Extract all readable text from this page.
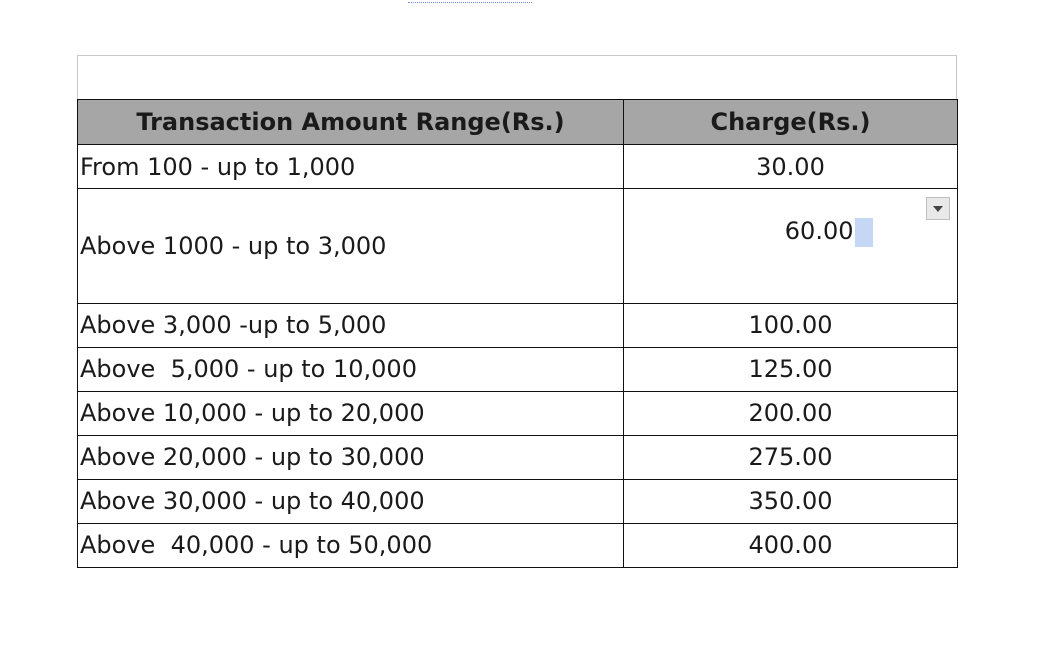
Transaction Amount Range(Rs.)	Charge(Rs.)
From 100 - up to 1,000	30.00
Above 1000 - up to 3,000	60.00

Above 3,000 -up to 5,000	100.00
Above  5,000 - up to 10,000	125.00
Above 10,000 - up to 20,000	200.00
Above 20,000 - up to 30,000	275.00
Above 30,000 - up to 40,000	350.00
Above  40,000 - up to 50,000	400.00
